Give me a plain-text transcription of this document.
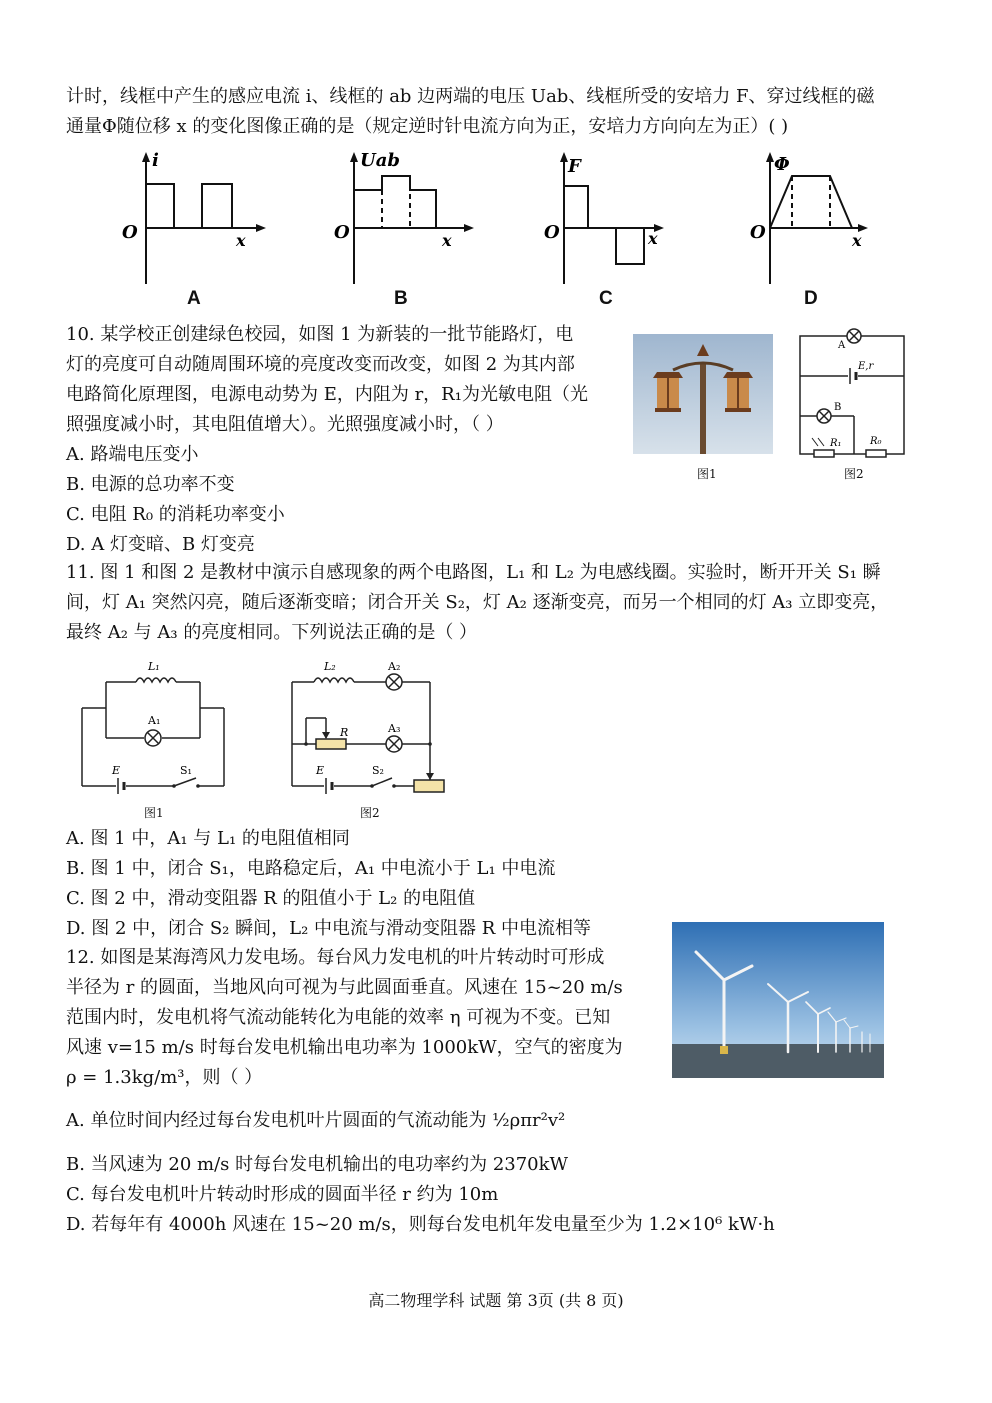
计时，线框中产生的感应电流 i、线框的 ab 边两端的电压 Uab、线框所受的安培力 F、穿过线框的磁
通量Φ随位移 x 的变化图像正确的是（规定逆时针电流方向为正，安培力方向向左为正）( )
i
O	x
Uab
O	x
F
O	x
Φ
O	x
A	B	C	D
10. 某学校正创建绿色校园，如图 1 为新装的一批节能路灯，电
灯的亮度可自动随周围环境的亮度改变而改变，如图 2 为其内部
电路简化原理图，电源电动势为 E，内阻为 r，R₁为光敏电阻（光
照强度减小时，其电阻值增大）。光照强度减小时，（ ）
A. 路端电压变小
B. 电源的总功率不变
C. 电阻 R₀ 的消耗功率变小
D. A 灯变暗、B 灯变亮
图1
A
E,r
B
R₁	R₀
图2
11. 图 1 和图 2 是教材中演示自感现象的两个电路图，L₁ 和 L₂ 为电感线圈。实验时，断开开关 S₁ 瞬
间，灯 A₁ 突然闪亮，随后逐渐变暗；闭合开关 S₂，灯 A₂ 逐渐变亮，而另一个相同的灯 A₃ 立即变亮，
最终 A₂ 与 A₃ 的亮度相同。下列说法正确的是（ ）
L₁
A₁
E	S₁
图1
L₂	A₂
R	A₃
E	S₂
图2
A. 图 1 中，A₁ 与 L₁ 的电阻值相同
B. 图 1 中，闭合 S₁，电路稳定后，A₁ 中电流小于 L₁ 中电流
C. 图 2 中，滑动变阻器 R 的阻值小于 L₂ 的电阻值
D. 图 2 中，闭合 S₂ 瞬间，L₂ 中电流与滑动变阻器 R 中电流相等
12. 如图是某海湾风力发电场。每台风力发电机的叶片转动时可形成
半径为 r 的圆面，当地风向可视为与此圆面垂直。风速在 15~20 m/s
范围内时，发电机将气流动能转化为电能的效率 η 可视为不变。已知
风速 v=15 m/s 时每台发电机输出电功率为 1000kW，空气的密度为
ρ = 1.3kg/m³，则（ ）
A. 单位时间内经过每台发电机叶片圆面的气流动能为 ½ρπr²v²
B. 当风速为 20 m/s 时每台发电机输出的电功率约为 2370kW
C. 每台发电机叶片转动时形成的圆面半径 r 约为 10m
D. 若每年有 4000h 风速在 15~20 m/s，则每台发电机年发电量至少为 1.2×10⁶ kW·h
高二物理学科 试题 第 3页 (共 8 页)
